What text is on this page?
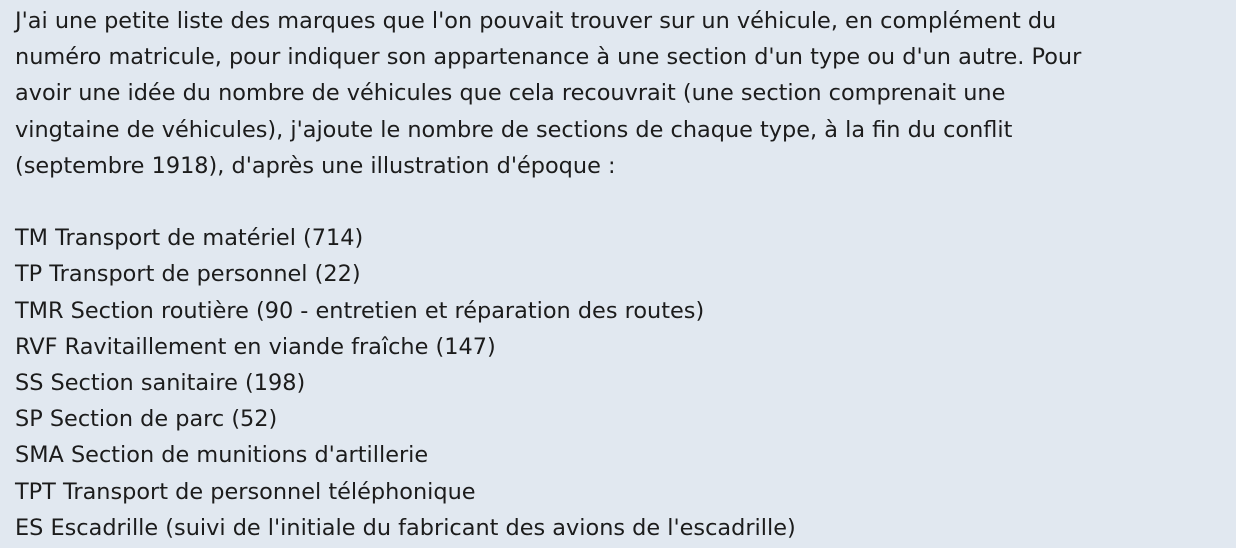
J'ai une petite liste des marques que l'on pouvait trouver sur un véhicule, en complément du
numéro matricule, pour indiquer son appartenance à une section d'un type ou d'un autre. Pour
avoir une idée du nombre de véhicules que cela recouvrait (une section comprenait une
vingtaine de véhicules), j'ajoute le nombre de sections de chaque type, à la fin du conflit
(septembre 1918), d'après une illustration d'époque :

TM Transport de matériel (714)
TP Transport de personnel (22)
TMR Section routière (90 - entretien et réparation des routes)
RVF Ravitaillement en viande fraîche (147)
SS Section sanitaire (198)
SP Section de parc (52)
SMA Section de munitions d'artillerie
TPT Transport de personnel téléphonique
ES Escadrille (suivi de l'initiale du fabricant des avions de l'escadrille)
